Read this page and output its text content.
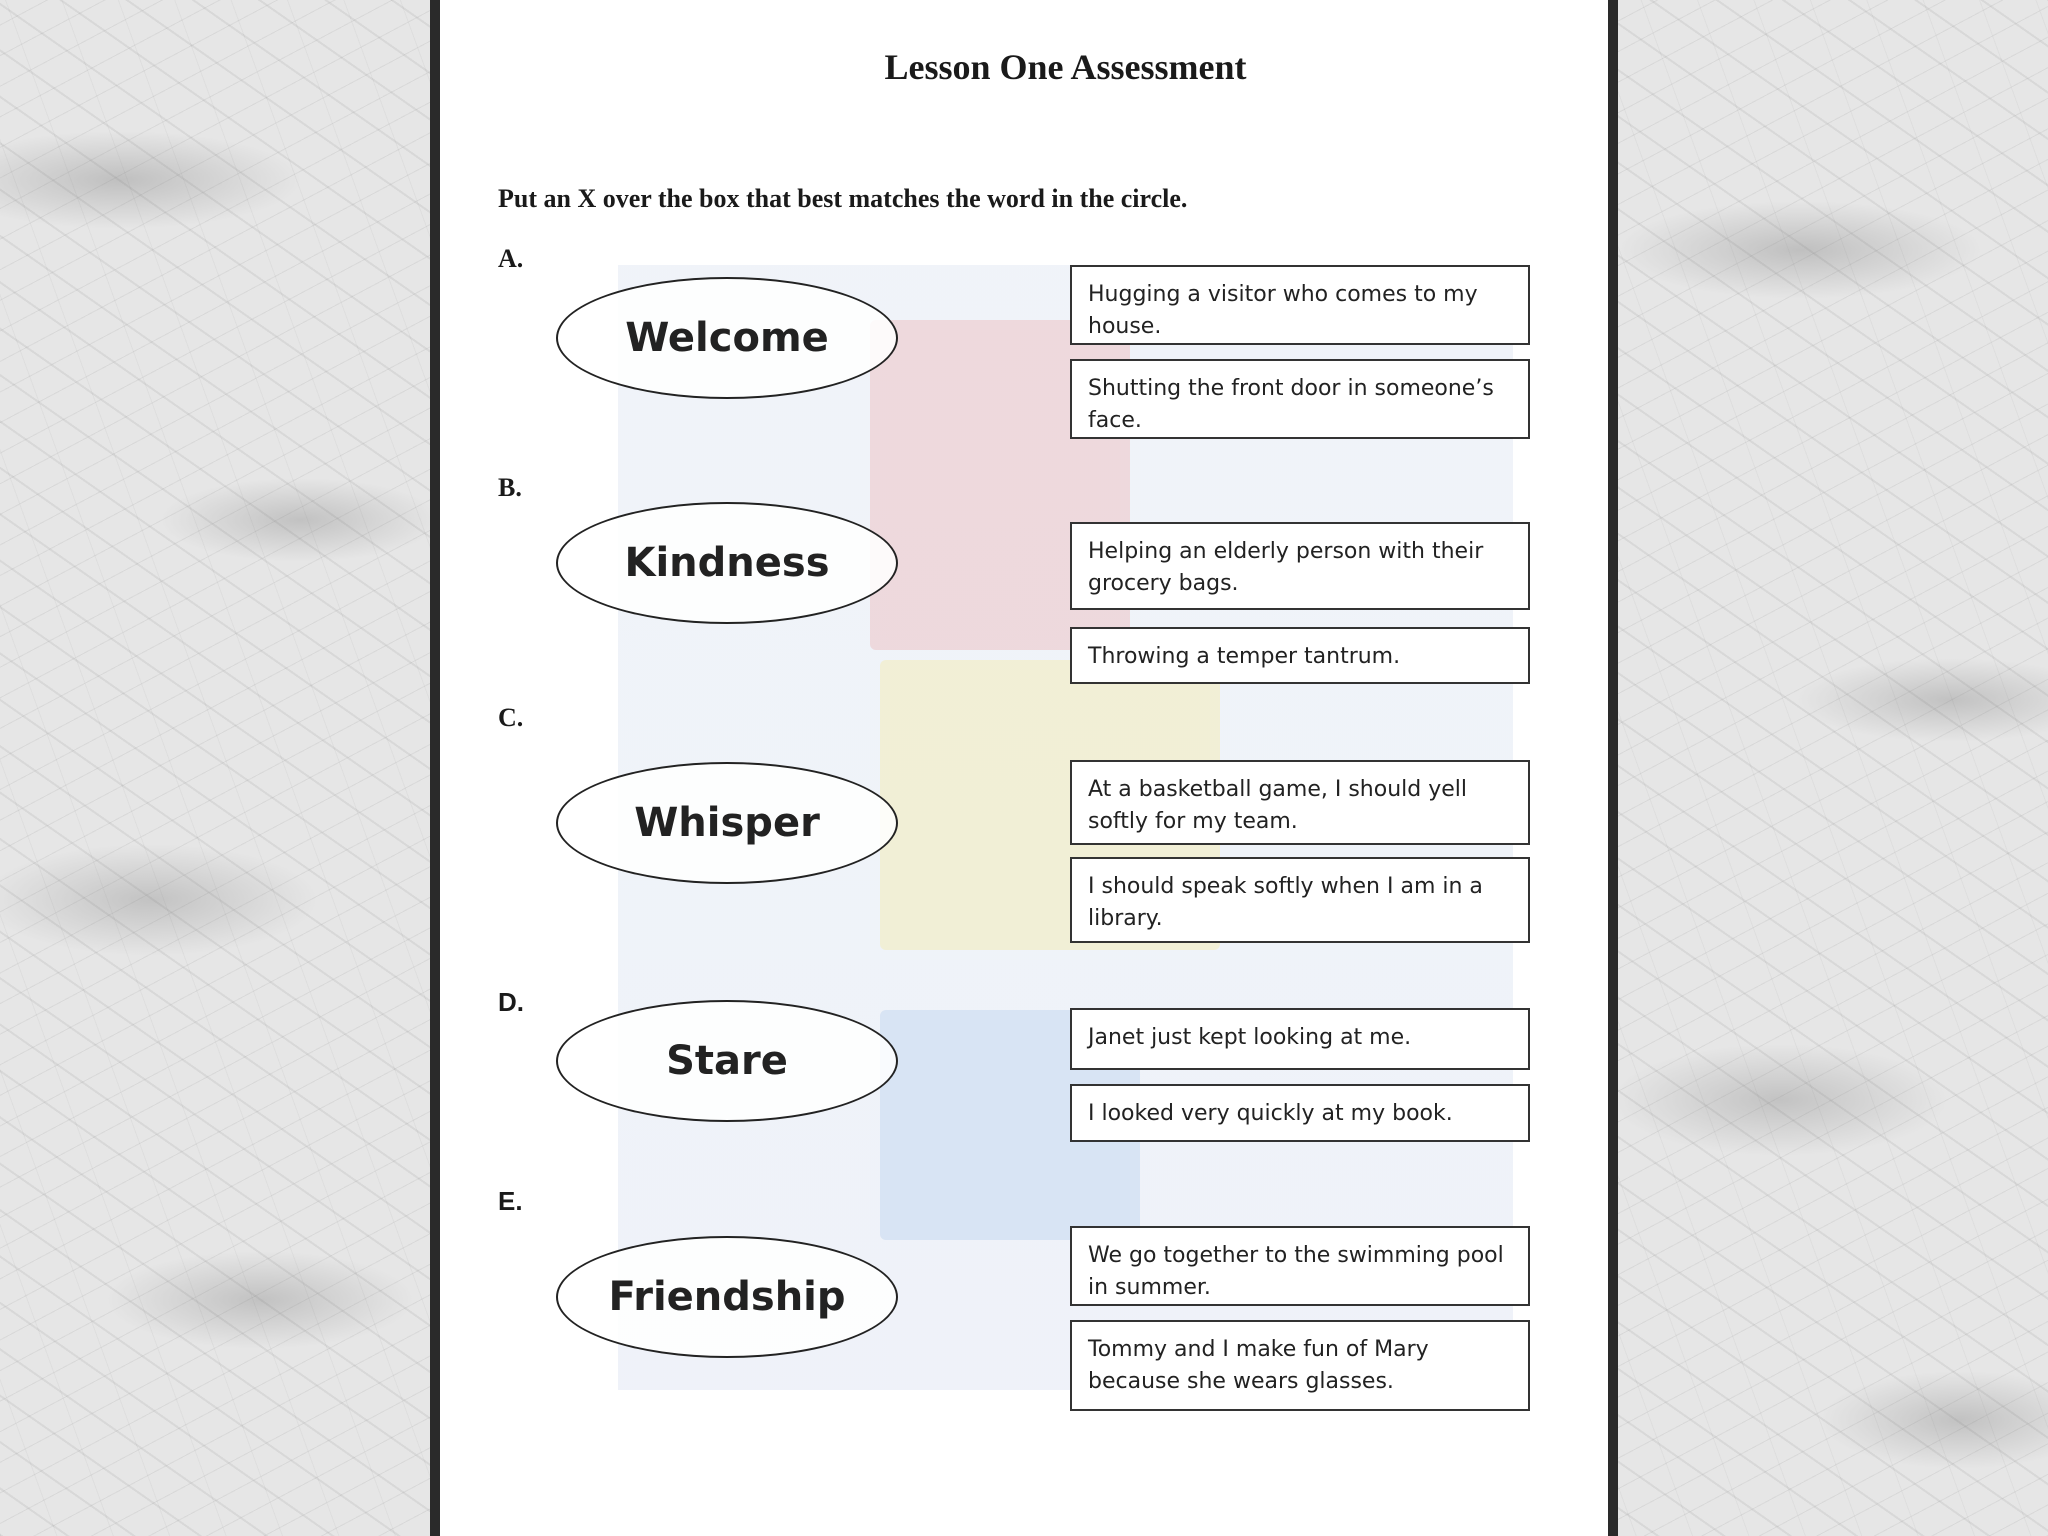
Lesson One Assessment
Put an X over the box that best matches the word in the circle.
A.
Welcome
Hugging a visitor who comes to my house.
Shutting the front door in someone’s face.
B.
Kindness	Helping an elderly person with their grocery bags.
Throwing a temper tantrum.
C.
Whisper
At a basketball game, I should yell softly for my team.
I should speak softly when I am in a library.
D.
Stare
Janet just kept looking at me.
I looked very quickly at my book.
E.
Friendship
We go together to the swimming pool in summer.
Tommy and I make fun of Mary because she wears glasses.
